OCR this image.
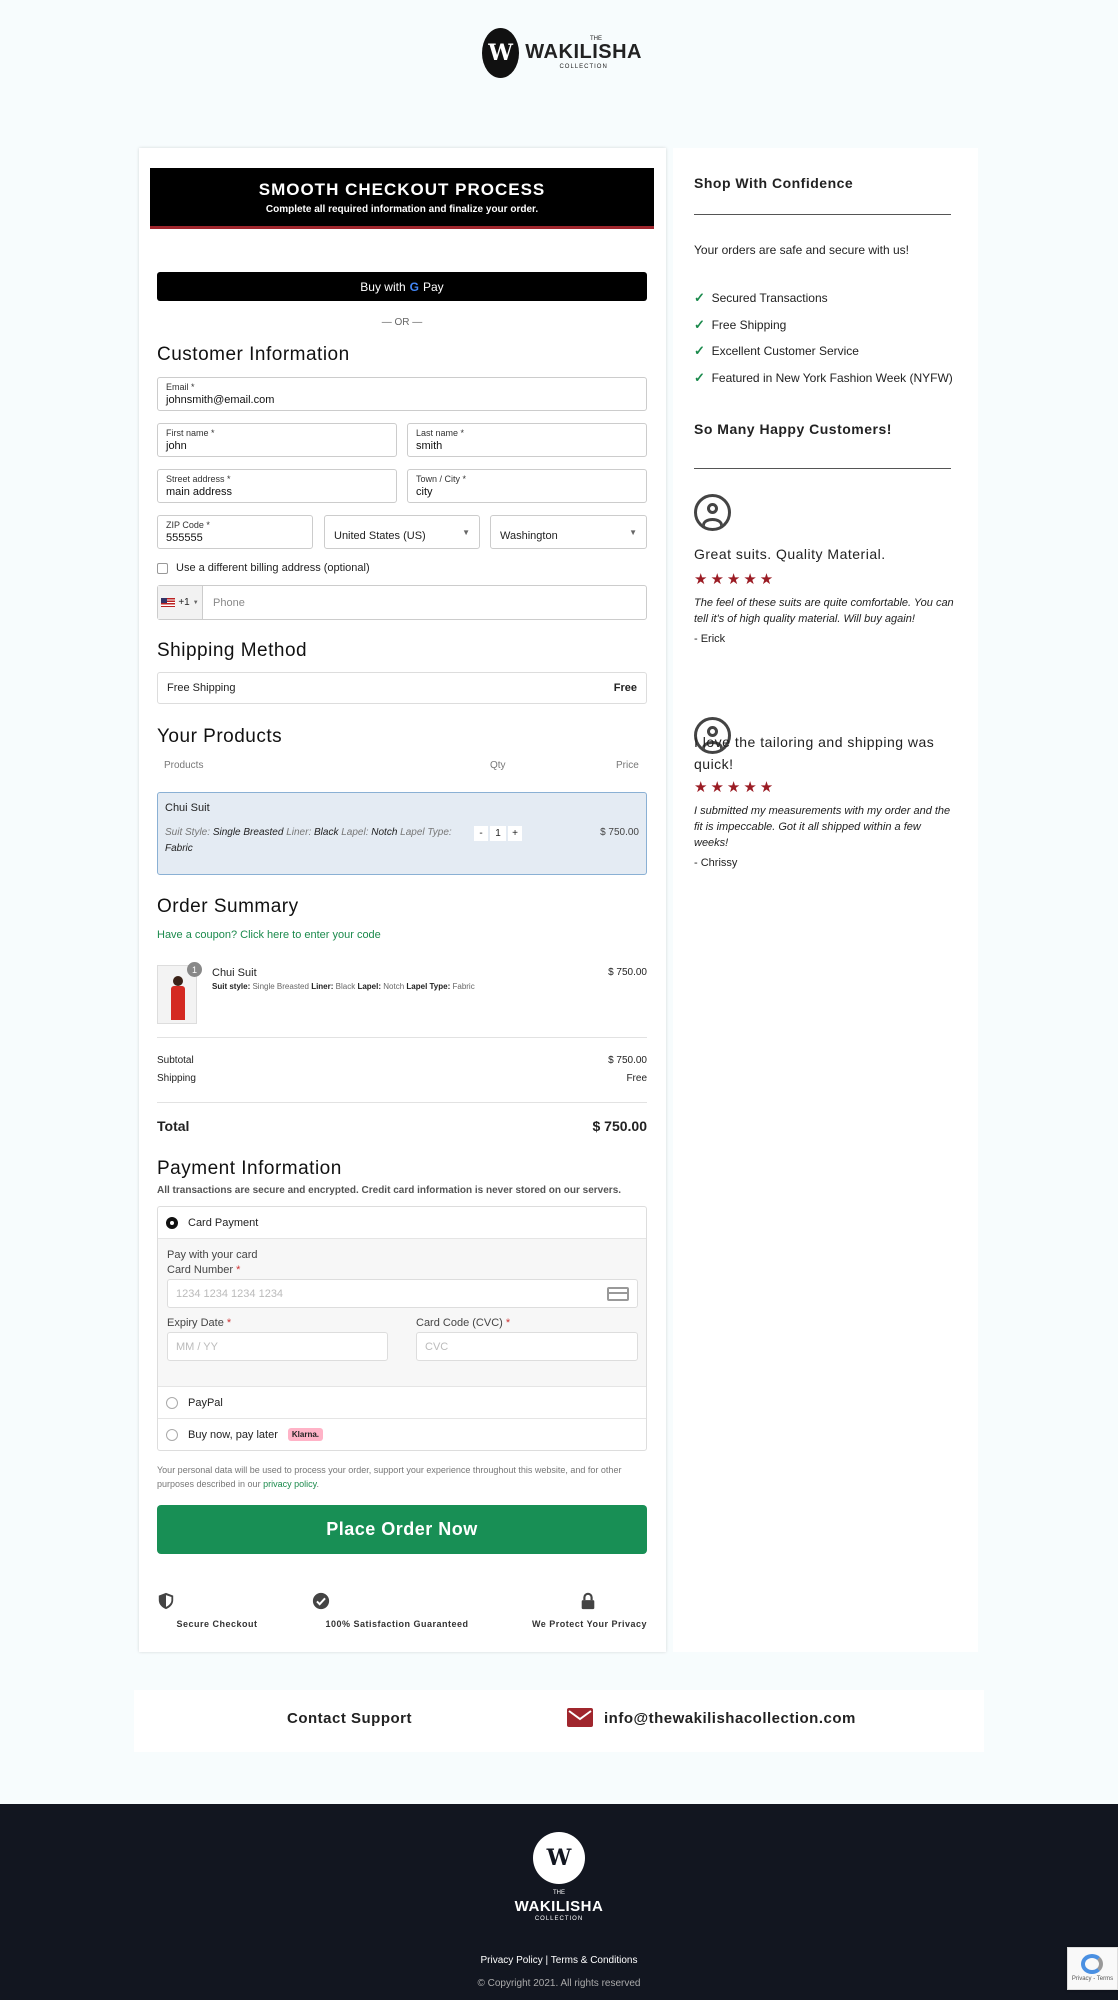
W
THE
WAKILISHA
COLLECTION
SMOOTH CHECKOUT PROCESS

Complete all required information and finalize your order.

Buy with G Pay
— OR —
Customer Information
Email *
johnsmith@email.com
First name *
john
Last name *
smith
Street address *
main address
Town / City *
city
ZIP Code *
555555	United States (US)	▼	Washington	▼
Use a different billing address (optional)
+1 ▼	Phone
Shipping Method
Free Shipping	Free
Your Products
Products	Qty	Price
Chui Suit
Suit Style: Single Breasted Liner: Black Lapel: Notch Lapel Type: Fabric
-	1	+	$ 750.00
Order Summary
Have a coupon? Click here to enter your code
1	Chui Suit
Suit style: Single Breasted Liner: Black Lapel: Notch Lapel Type: Fabric
$ 750.00
Subtotal	$ 750.00
Shipping	Free
Total	$ 750.00
Payment Information
All transactions are secure and encrypted. Credit card information is never stored on our servers.
Card Payment
Pay with your card
Card Number *
1234 1234 1234 1234
Expiry Date *
MM / YY
Card Code (CVC) *
CVC
PayPal
Buy now, pay later	Klarna.
Your personal data will be used to process your order, support your experience throughout this website, and for other purposes described in our privacy policy.
Place Order Now
Secure Checkout	100% Satisfaction Guaranteed	We Protect Your Privacy
Shop With Confidence
Your orders are safe and secure with us!
✓ Secured Transactions
✓ Free Shipping
✓ Excellent Customer Service
✓ Featured in New York Fashion Week (NYFW)
So Many Happy Customers!
Great suits. Quality Material.
★★★★★
The feel of these suits are quite comfortable. You can tell it's of high quality material. Will buy again!
- Erick
I love the tailoring and shipping was quick!
★★★★★
I submitted my measurements with my order and the fit is impeccable. Got it all shipped within a few weeks!
- Chrissy
Contact Support	info@thewakilishacollection.com
W
THE
WAKILISHA
COLLECTION
Privacy Policy | Terms & Conditions
© Copyright 2021. All rights reserved	Privacy - Terms
